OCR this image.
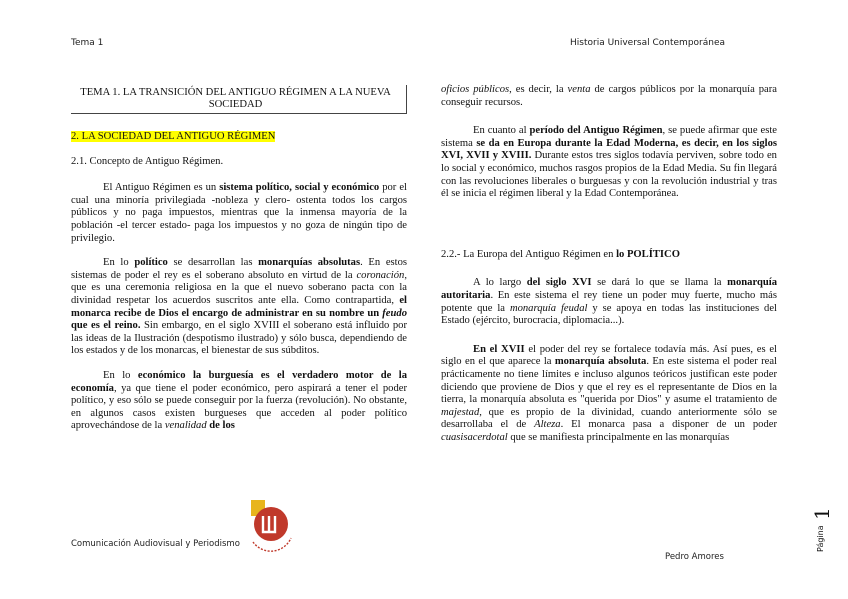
Tema 1	Historia Universal Contemporánea
TEMA 1. LA TRANSICIÓN DEL ANTIGUO RÉGIMEN A LA NUEVA SOCIEDAD
2. LA SOCIEDAD DEL ANTIGUO RÉGIMEN
2.1. Concepto de Antiguo Régimen.

El Antiguo Régimen es un sistema político, social y económico por el cual una minoría privilegiada -nobleza y clero- ostenta todos los cargos públicos y no paga impuestos, mientras que la inmensa mayoría de la población -el tercer estado- paga los impuestos y no goza de ningún tipo de privilegio.

En lo político se desarrollan las monarquías absolutas. En estos sistemas de poder el rey es el soberano absoluto en virtud de la coronación, que es una ceremonia religiosa en la que el nuevo soberano pacta con la divinidad respetar los acuerdos suscritos ante ella. Como contrapartida, el monarca recibe de Dios el encargo de administrar en su nombre un feudo que es el reino. Sin embargo, en el siglo XVIII el soberano está influido por las ideas de la Ilustración (despotismo ilustrado) y sólo busca, dependiendo de los estados y de los monarcas, el bienestar de sus súbditos.

En lo económico la burguesía es el verdadero motor de la economía, ya que tiene el poder económico, pero aspirará a tener el poder político, y eso sólo se puede conseguir por la fuerza (revolución). No obstante, en algunos casos existen burgueses que acceden al poder político aprovechándose de la venalidad de los

oficios públicos, es decir, la venta de cargos públicos por la monarquía para conseguir recursos.

En cuanto al período del Antiguo Régimen, se puede afirmar que este sistema se da en Europa durante la Edad Moderna, es decir, en los siglos XVI, XVII y XVIII. Durante estos tres siglos todavía perviven, sobre todo en lo social y económico, muchos rasgos propios de la Edad Media. Su fin llegará con las revoluciones liberales o burguesas y con la revolución industrial y tras él se inicia el régimen liberal y la Edad Contemporánea.

2.2.- La Europa del Antiguo Régimen en lo POLÍTICO

A lo largo del siglo XVI se dará lo que se llama la monarquía autoritaria. En este sistema el rey tiene un poder muy fuerte, mucho más potente que la monarquía feudal y se apoya en todas las instituciones del Estado (ejército, burocracia, diplomacia...).

En el XVII el poder del rey se fortalece todavía más. Así pues, es el siglo en el que aparece la monarquía absoluta. En este sistema el poder real prácticamente no tiene límites e incluso algunos teóricos justifican este poder diciendo que proviene de Dios y que el rey es el representante de Dios en la tierra, la monarquía absoluta es "querida por Dios" y asume el tratamiento de majestad, que es propio de la divinidad, cuando anteriormente sólo se desarrollaba el de Alteza. El monarca pasa a disponer de un poder cuasisacerdotal que se manifiesta principalmente en las monarquías

Comunicación Audiovisual y Periodismo
Pedro Amores
Página
1
